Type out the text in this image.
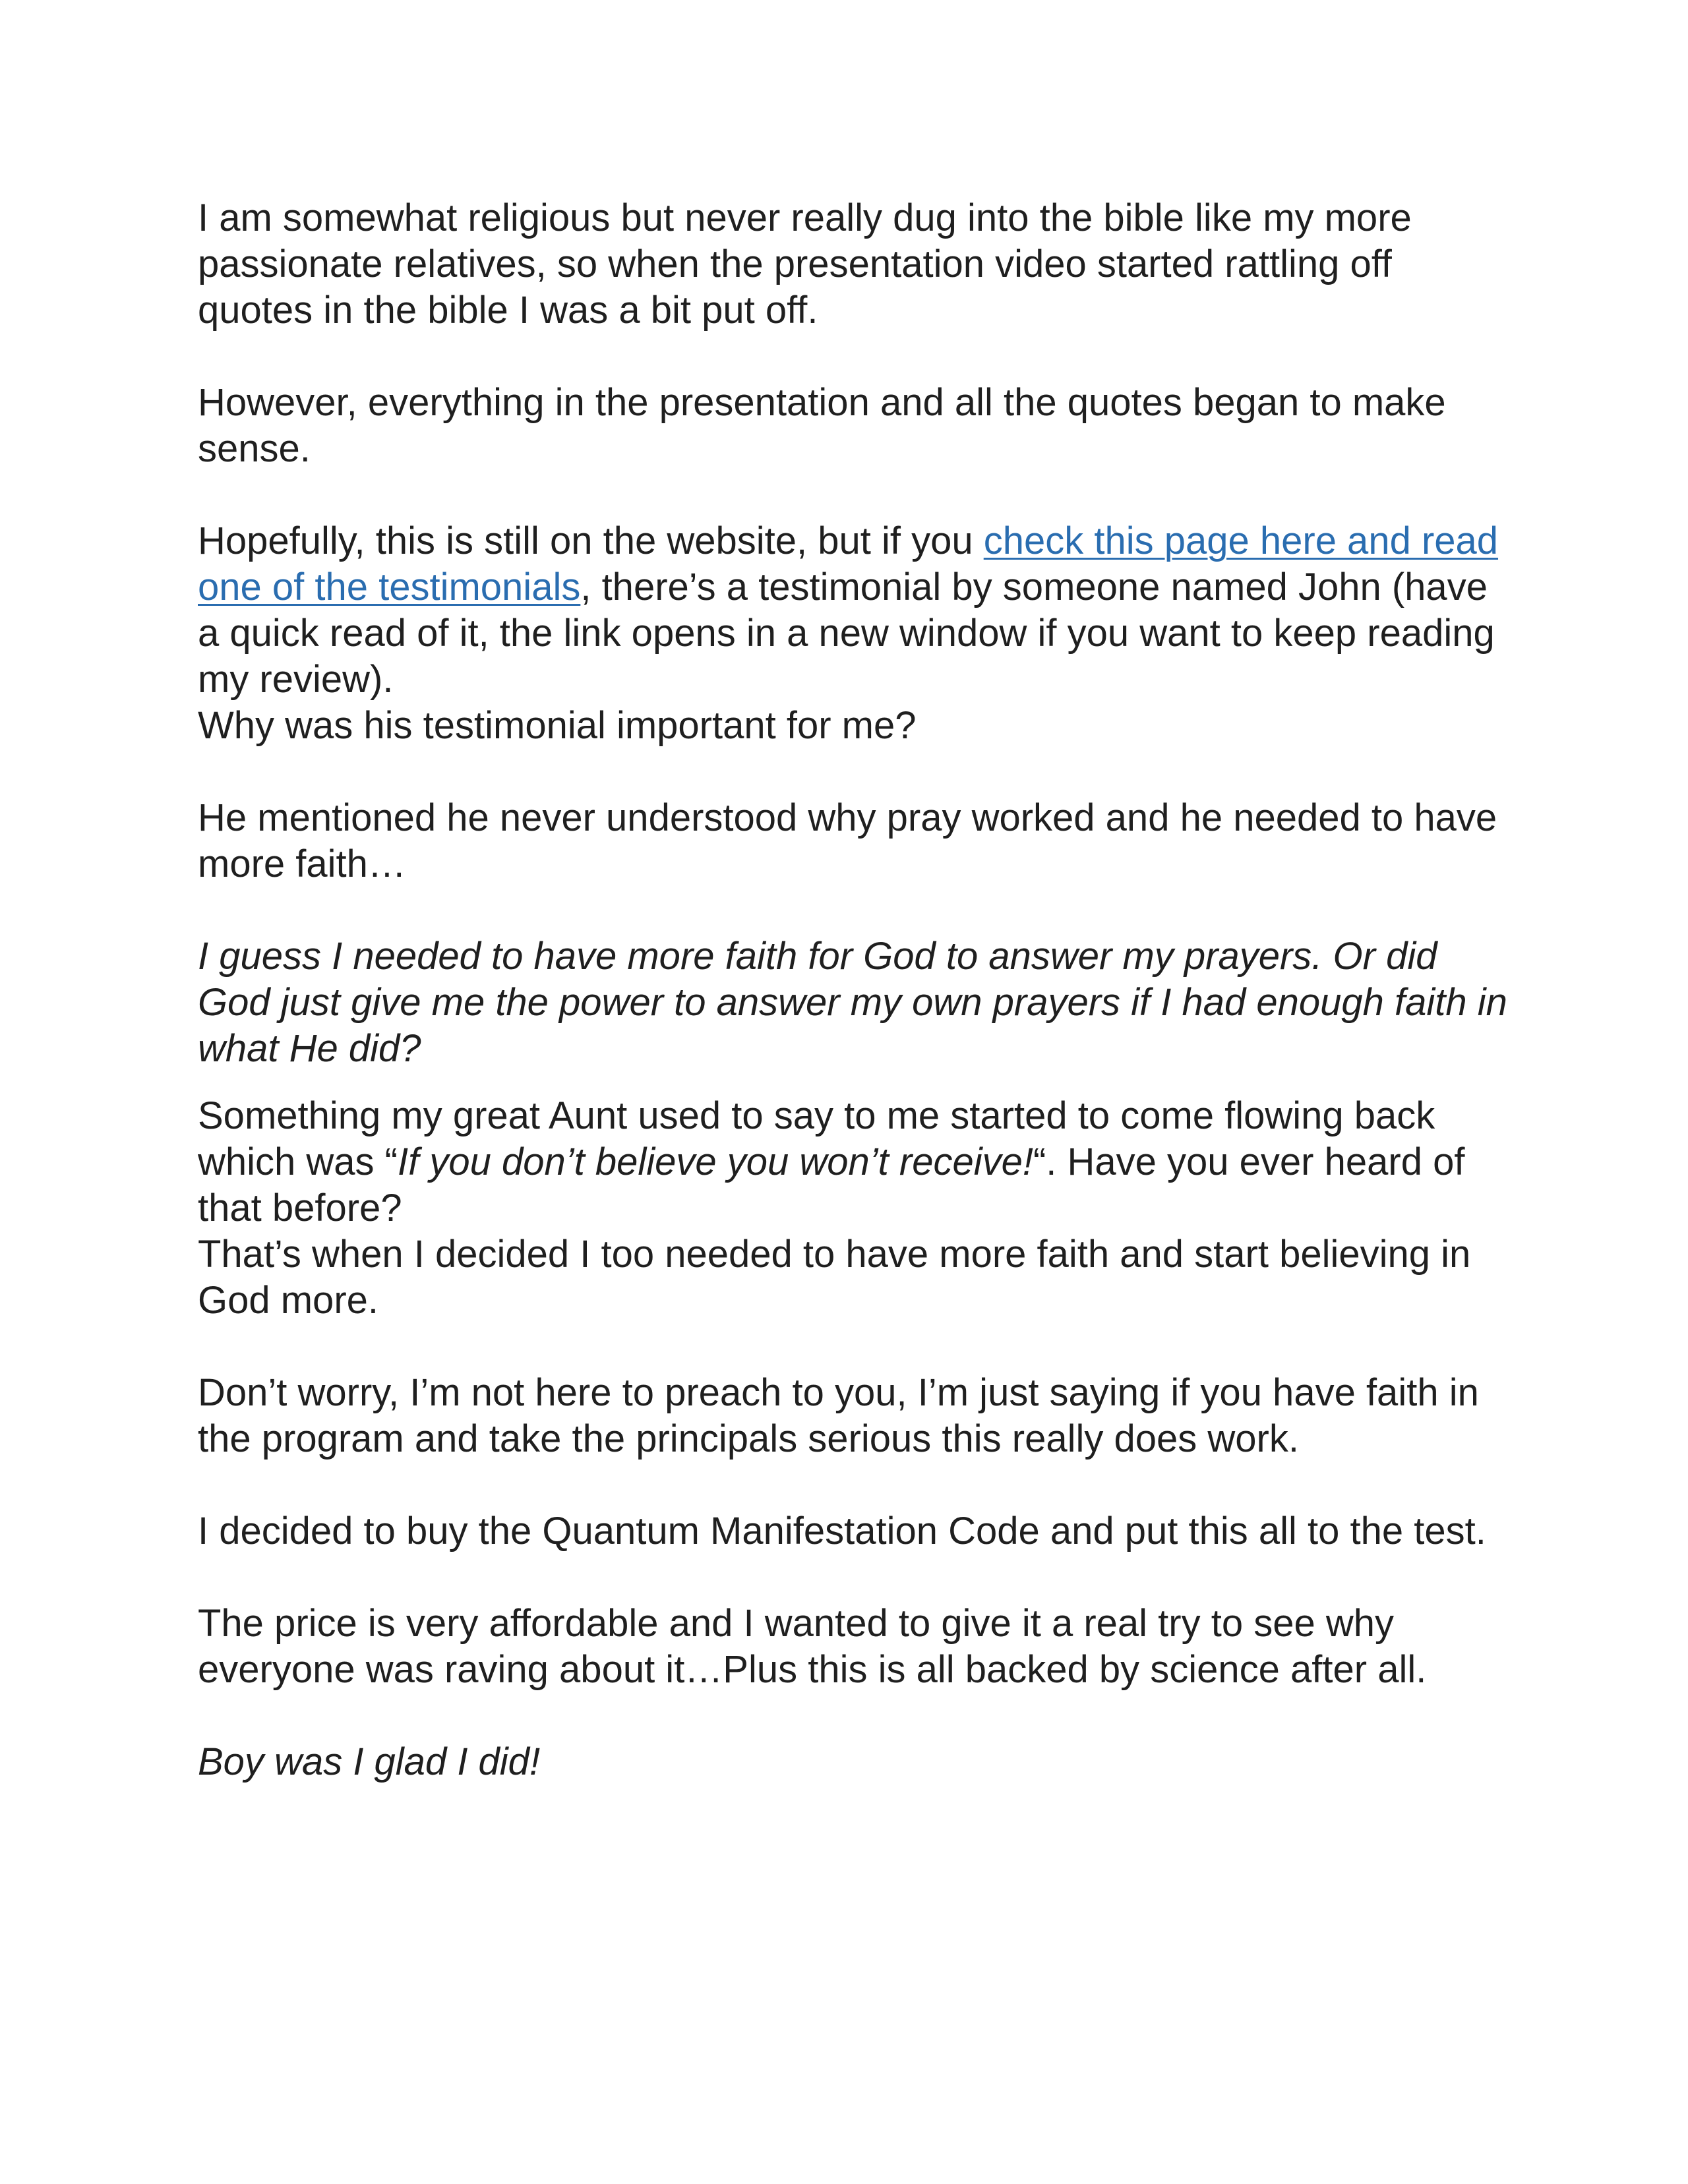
I am somewhat religious but never really dug into the bible like my more passionate relatives, so when the presentation video started rattling off quotes in the bible I was a bit put off.

However, everything in the presentation and all the quotes began to make sense.

Hopefully, this is still on the website, but if you check this page here and read one of the testimonials, there’s a testimonial by someone named John (have a quick read of it, the link opens in a new window if you want to keep reading my review).

Why was his testimonial important for me?

He mentioned he never understood why pray worked and he needed to have more faith…

I guess I needed to have more faith for God to answer my prayers. Or did God just give me the power to answer my own prayers if I had enough faith in what He did?

Something my great Aunt used to say to me started to come flowing back which was “If you don’t believe you won’t receive!“. Have you ever heard of that before?

That’s when I decided I too needed to have more faith and start believing in God more.

Don’t worry, I’m not here to preach to you, I’m just saying if you have faith in the program and take the principals serious this really does work.

I decided to buy the Quantum Manifestation Code and put this all to the test.

The price is very affordable and I wanted to give it a real try to see why everyone was raving about it…Plus this is all backed by science after all.

Boy was I glad I did!
